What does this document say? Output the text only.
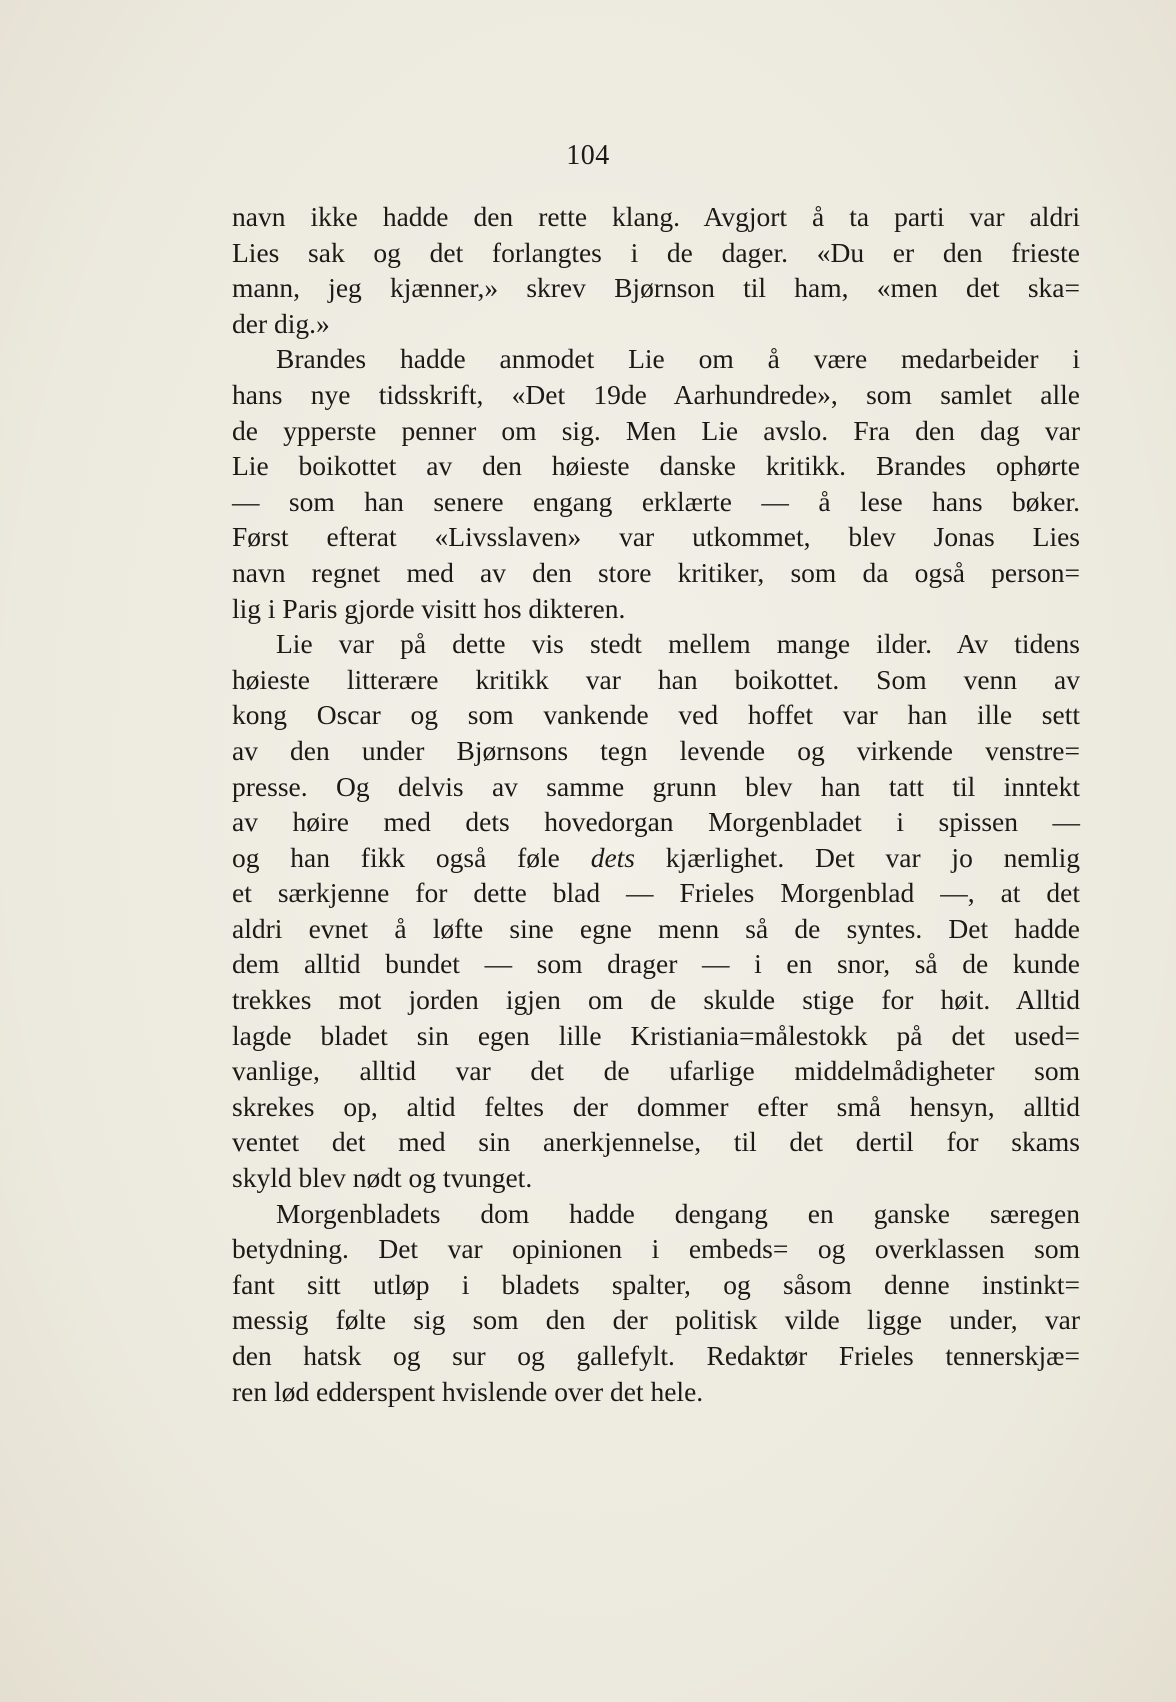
104
navn ikke hadde den rette klang. Avgjort å ta parti var aldri
Lies sak og det forlangtes i de dager. «Du er den frieste
mann, jeg kjænner,» skrev Bjørnson til ham, «men det ska=
der dig.»
Brandes hadde anmodet Lie om å være medarbeider i
hans nye tidsskrift, «Det 19de Aarhundrede», som samlet alle
de ypperste penner om sig. Men Lie avslo. Fra den dag var
Lie boikottet av den høieste danske kritikk. Brandes ophørte
— som han senere engang erklærte — å lese hans bøker.
Først efterat «Livsslaven» var utkommet, blev Jonas Lies
navn regnet med av den store kritiker, som da også person=
lig i Paris gjorde visitt hos dikteren.
Lie var på dette vis stedt mellem mange ilder. Av tidens
høieste litterære kritikk var han boikottet. Som venn av
kong Oscar og som vankende ved hoffet var han ille sett
av den under Bjørnsons tegn levende og virkende venstre=
presse. Og delvis av samme grunn blev han tatt til inntekt
av høire med dets hovedorgan Morgenbladet i spissen —
og han fikk også føle dets kjærlighet. Det var jo nemlig
et særkjenne for dette blad — Frieles Morgenblad —, at det
aldri evnet å løfte sine egne menn så de syntes. Det hadde
dem alltid bundet — som drager — i en snor, så de kunde
trekkes mot jorden igjen om de skulde stige for høit. Alltid
lagde bladet sin egen lille Kristiania=målestokk på det used=
vanlige, alltid var det de ufarlige middelmådigheter som
skrekes op, altid feltes der dommer efter små hensyn, alltid
ventet det med sin anerkjennelse, til det dertil for skams
skyld blev nødt og tvunget.
Morgenbladets dom hadde dengang en ganske særegen
betydning. Det var opinionen i embeds= og overklassen som
fant sitt utløp i bladets spalter, og såsom denne instinkt=
messig følte sig som den der politisk vilde ligge under, var
den hatsk og sur og gallefylt. Redaktør Frieles tennerskjæ=
ren lød edderspent hvislende over det hele.
